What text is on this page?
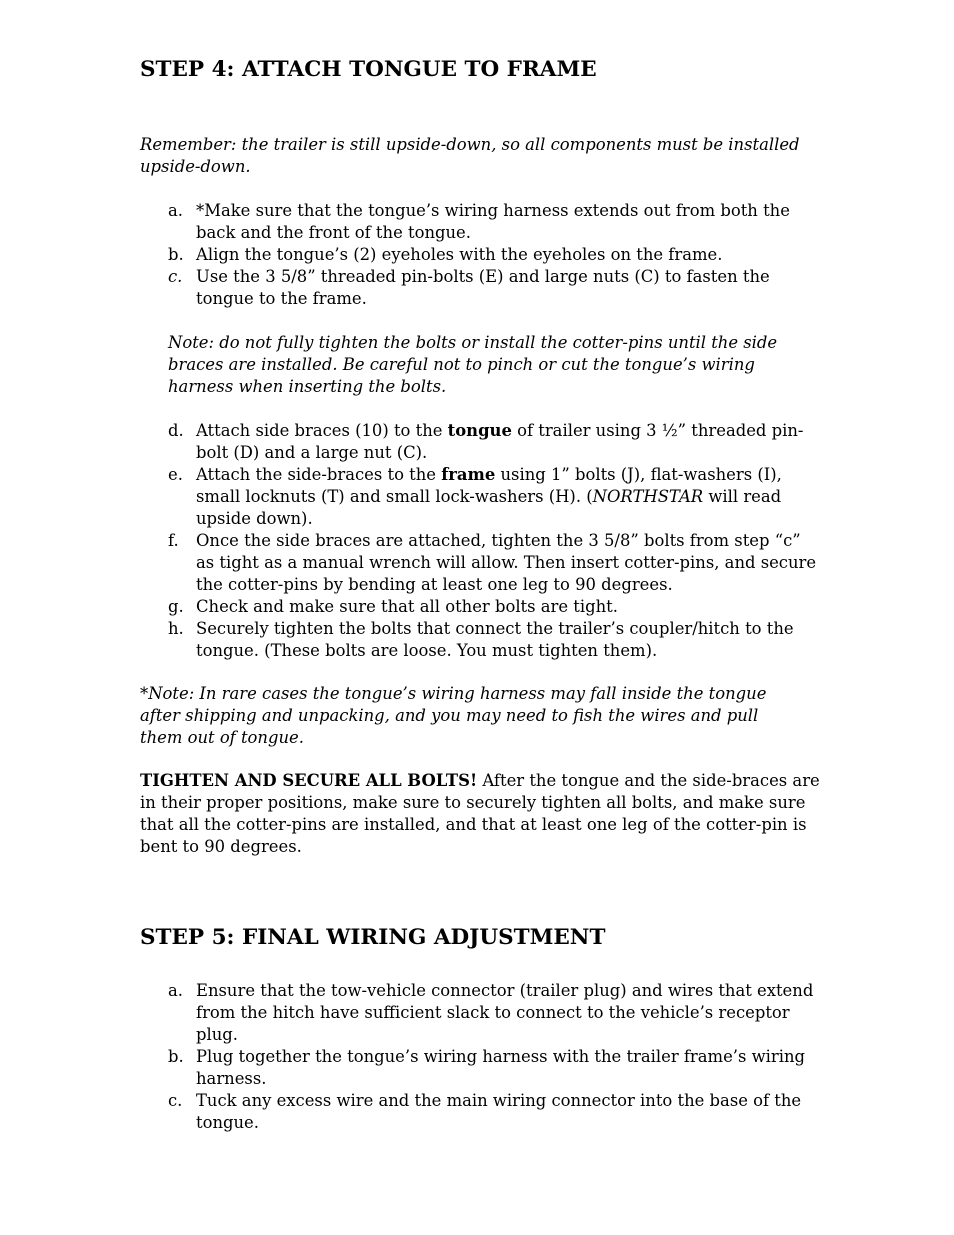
STEP 4: ATTACH TONGUE TO FRAME

Remember: the trailer is still upside-down, so all components must be installed upside-down.

a. *Make sure that the tongue’s wiring harness extends out from both the back and the front of the tongue.
b. Align the tongue’s (2) eyeholes with the eyeholes on the frame.
c. Use the 3 5/8” threaded pin-bolts (E) and large nuts (C) to fasten the tongue to the frame.

Note: do not fully tighten the bolts or install the cotter-pins until the side braces are installed. Be careful not to pinch or cut the tongue’s wiring harness when inserting the bolts.

d. Attach side braces (10) to the tongue of trailer using 3 ½” threaded pin-bolt (D) and a large nut (C).
e. Attach the side-braces to the frame using 1” bolts (J), flat-washers (I), small locknuts (T) and small lock-washers (H). (NORTHSTAR will read upside down).
f. Once the side braces are attached, tighten the 3 5/8” bolts from step “c” as tight as a manual wrench will allow. Then insert cotter-pins, and secure the cotter-pins by bending at least one leg to 90 degrees.
g. Check and make sure that all other bolts are tight.
h. Securely tighten the bolts that connect the trailer’s coupler/hitch to the tongue. (These bolts are loose. You must tighten them).

*Note: In rare cases the tongue’s wiring harness may fall inside the tongue after shipping and unpacking, and you may need to fish the wires and pull them out of tongue.

TIGHTEN AND SECURE ALL BOLTS! After the tongue and the side-braces are in their proper positions, make sure to securely tighten all bolts, and make sure that all the cotter-pins are installed, and that at least one leg of the cotter-pin is bent to 90 degrees.

STEP 5: FINAL WIRING ADJUSTMENT
a. Ensure that the tow-vehicle connector (trailer plug) and wires that extend from the hitch have sufficient slack to connect to the vehicle’s receptor plug.
b. Plug together the tongue’s wiring harness with the trailer frame’s wiring harness.
c. Tuck any excess wire and the main wiring connector into the base of the tongue.
